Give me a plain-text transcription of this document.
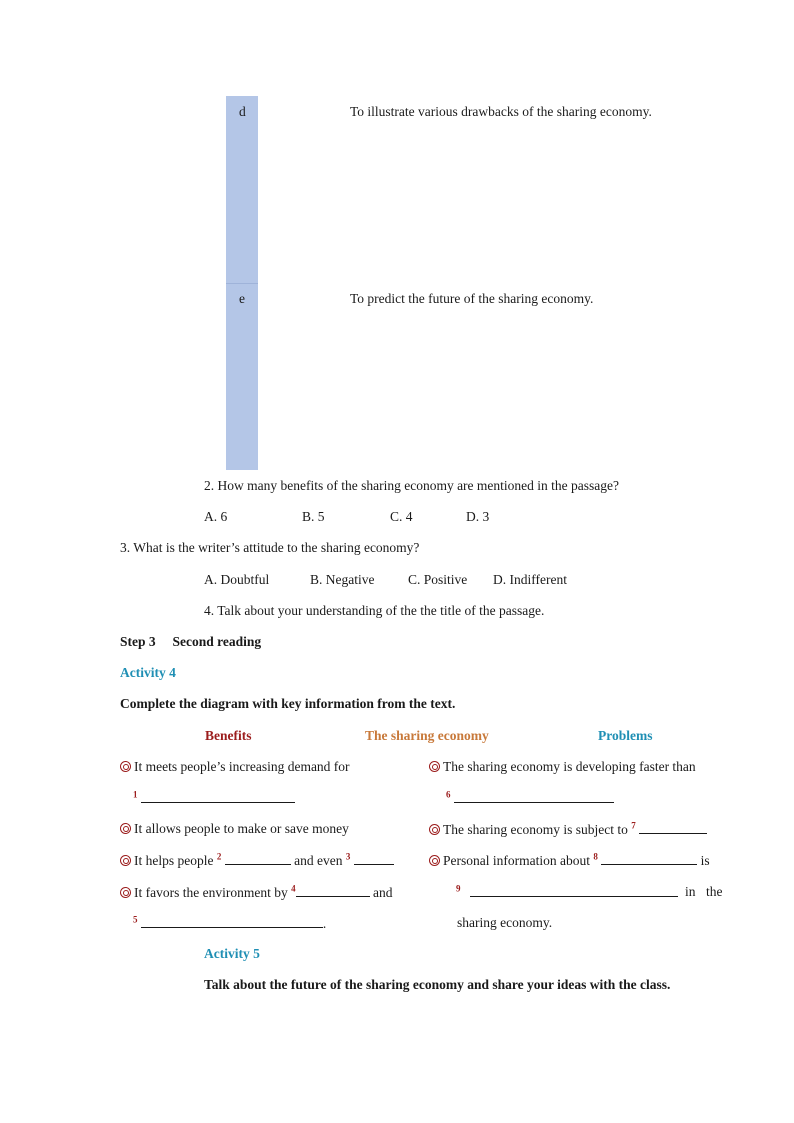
d	To illustrate various drawbacks of the sharing economy.
e	To predict the future of the sharing economy.
2. How many benefits of the sharing economy are mentioned in the passage?
A. 6	B. 5	C. 4	D. 3
3. What is the writer’s attitude to the sharing economy?
A. Doubtful	B. Negative C. Positive D. Indifferent
4. Talk about your understanding of the the title of the passage.
Step 3     Second reading
Activity 4
Complete the diagram with key information from the text.
Benefits	The sharing economy	Problems
It meets people’s increasing demand for
$^1$
It allows people to make or save money
It helps people $^2$	and even $^3$
It favors the environment by $^4$	and
$^5$	.
The sharing economy is developing faster than
$^6$
The sharing economy is subject to $^7$
Personal information about $^8$	is
$^9$	in the
sharing economy.
Activity 5
Talk about the future of the sharing economy and share your ideas with the class.
